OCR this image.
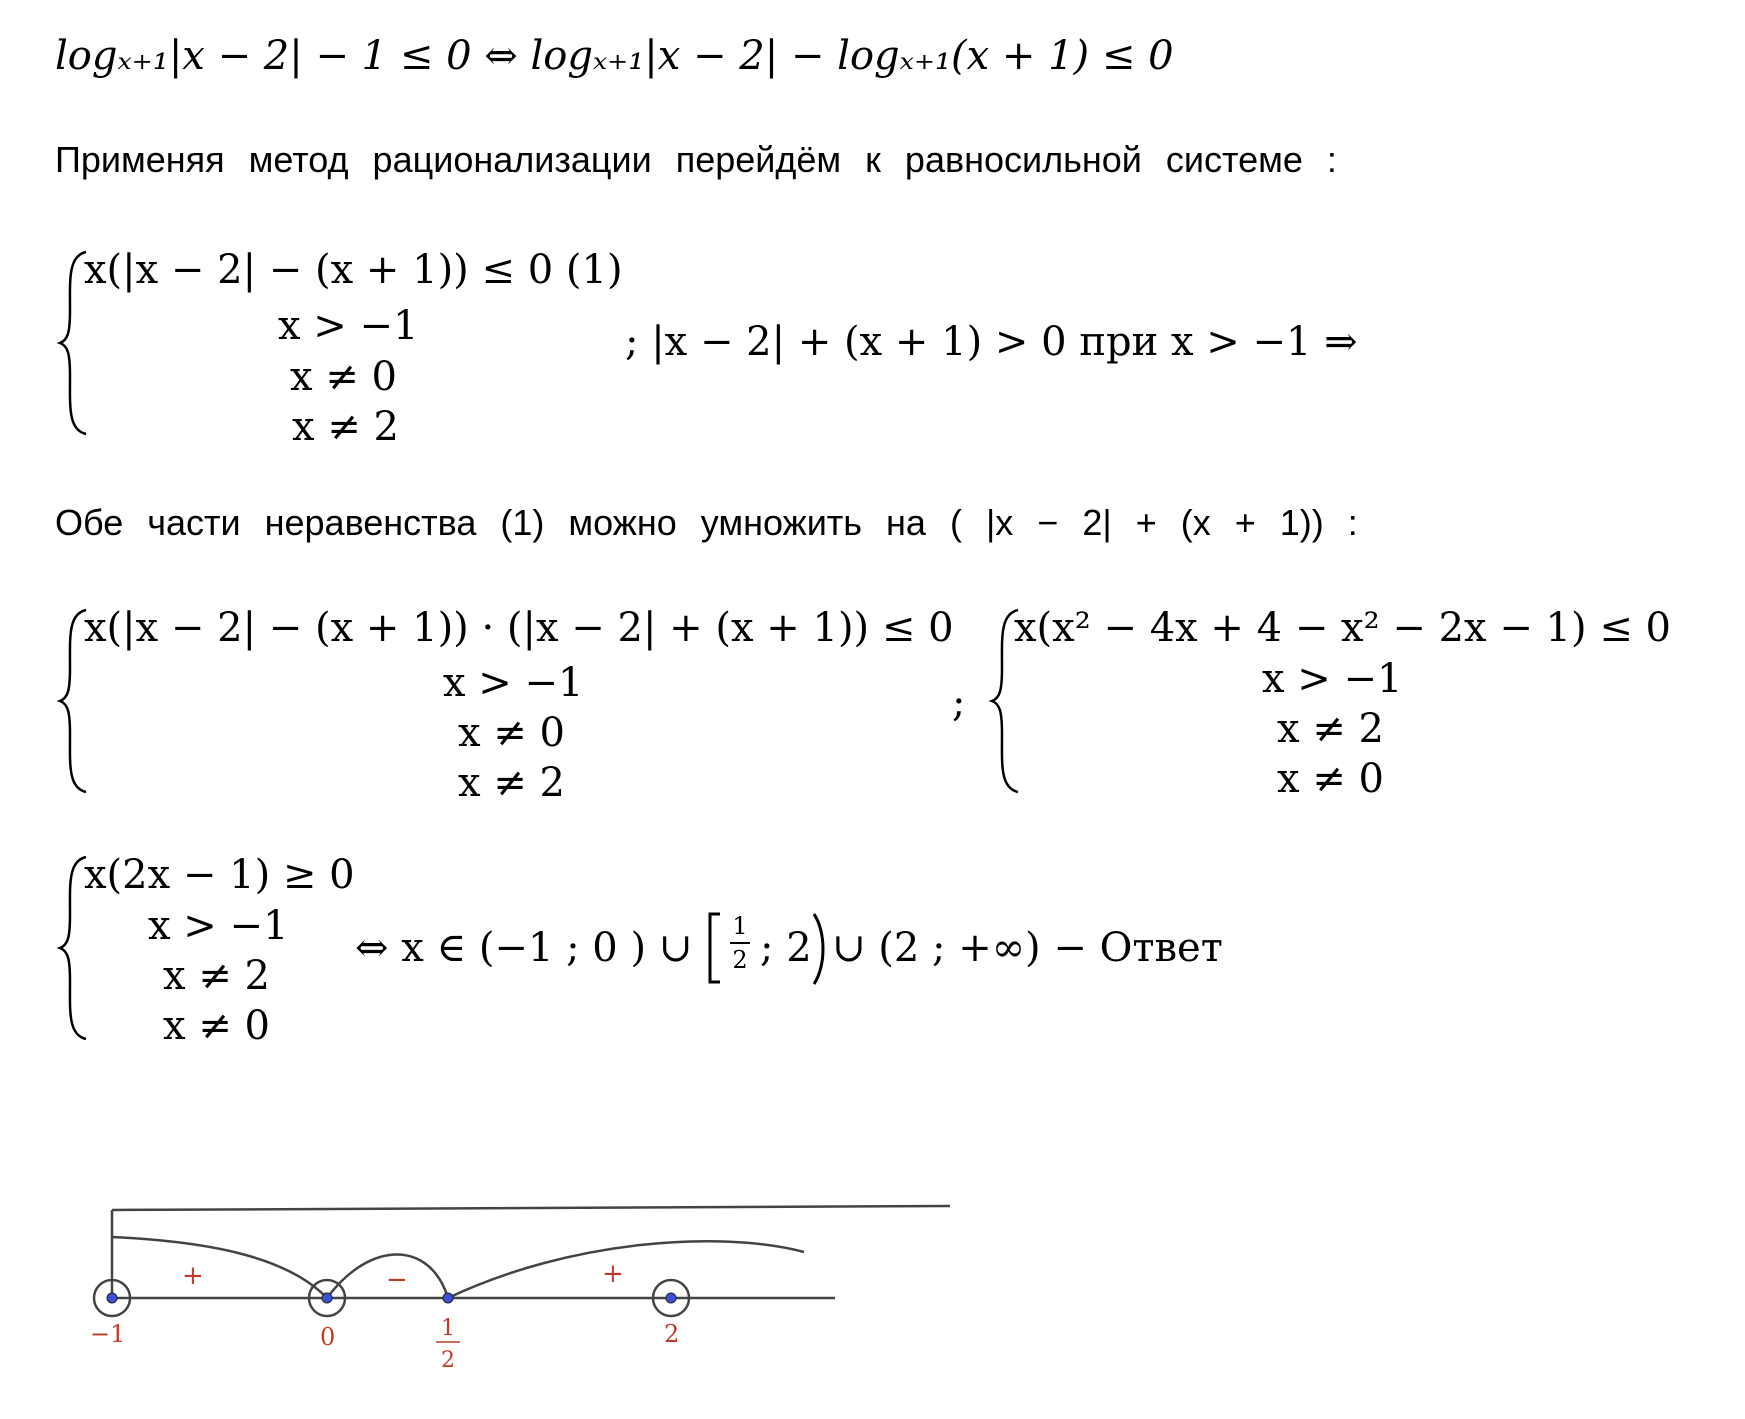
logₓ₊₁|x − 2| − 1 ≤ 0 ⇔ logₓ₊₁|x − 2| − logₓ₊₁(x + 1) ≤ 0
Применяя метод рационализации перейдём к равносильной системе :
x(|x − 2| − (x + 1)) ≤ 0 (1)
x > −1
x ≠ 0
x ≠ 2
; |x − 2| + (x + 1) > 0 при x > −1 ⇒
Обе части неравенства (1) можно умножить на ( |x − 2| + (x + 1)) :
x(|x − 2| − (x + 1)) · (|x − 2| + (x + 1)) ≤ 0
x > −1
x ≠ 0
x ≠ 2
;
x(x² − 4x + 4 − x² − 2x − 1) ≤ 0
x > −1
x ≠ 2
x ≠ 0
x(2x − 1) ≥ 0
x > −1
x ≠ 2
x ≠ 0
⇔ x ∈ (−1 ; 0 ) ∪ 1
2 ; 2 ∪ (2 ; +∞) − Ответ
+	−	+
−1	0	1
2
2
